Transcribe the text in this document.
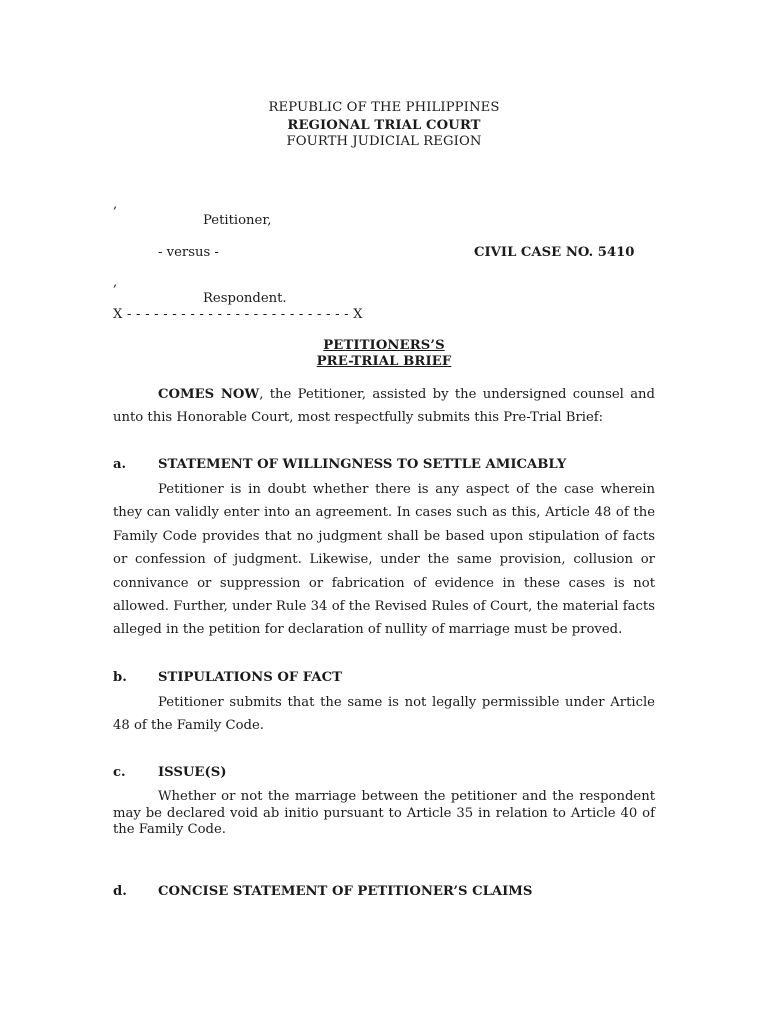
REPUBLIC OF THE PHILIPPINES
REGIONAL TRIAL COURT
FOURTH JUDICIAL REGION
,
Petitioner,
- versus -	CIVIL CASE NO. 5410
,
Respondent.
X - - - - - - - - - - - - - - - - - - - - - - - - - X
PETITIONERS’S
PRE-TRIAL BRIEF
COMES NOW, the Petitioner, assisted by the undersigned counsel and unto this Honorable Court, most respectfully submits this Pre-Trial Brief:
a. STATEMENT OF WILLINGNESS TO SETTLE AMICABLY
Petitioner is in doubt whether there is any aspect of the case wherein they can validly enter into an agreement. In cases such as this, Article 48 of the Family Code provides that no judgment shall be based upon stipulation of facts or confession of judgment. Likewise, under the same provision, collusion or connivance or suppression or fabrication of evidence in these cases is not allowed. Further, under Rule 34 of the Revised Rules of Court, the material facts alleged in the petition for declaration of nullity of marriage must be proved.
b. STIPULATIONS OF FACT
Petitioner submits that the same is not legally permissible under Article 48 of the Family Code.
c. ISSUE(S)
Whether or not the marriage between the petitioner and the respondent may be declared void ab initio pursuant to Article 35 in relation to Article 40 of the Family Code.
d. CONCISE STATEMENT OF PETITIONER’S CLAIMS
